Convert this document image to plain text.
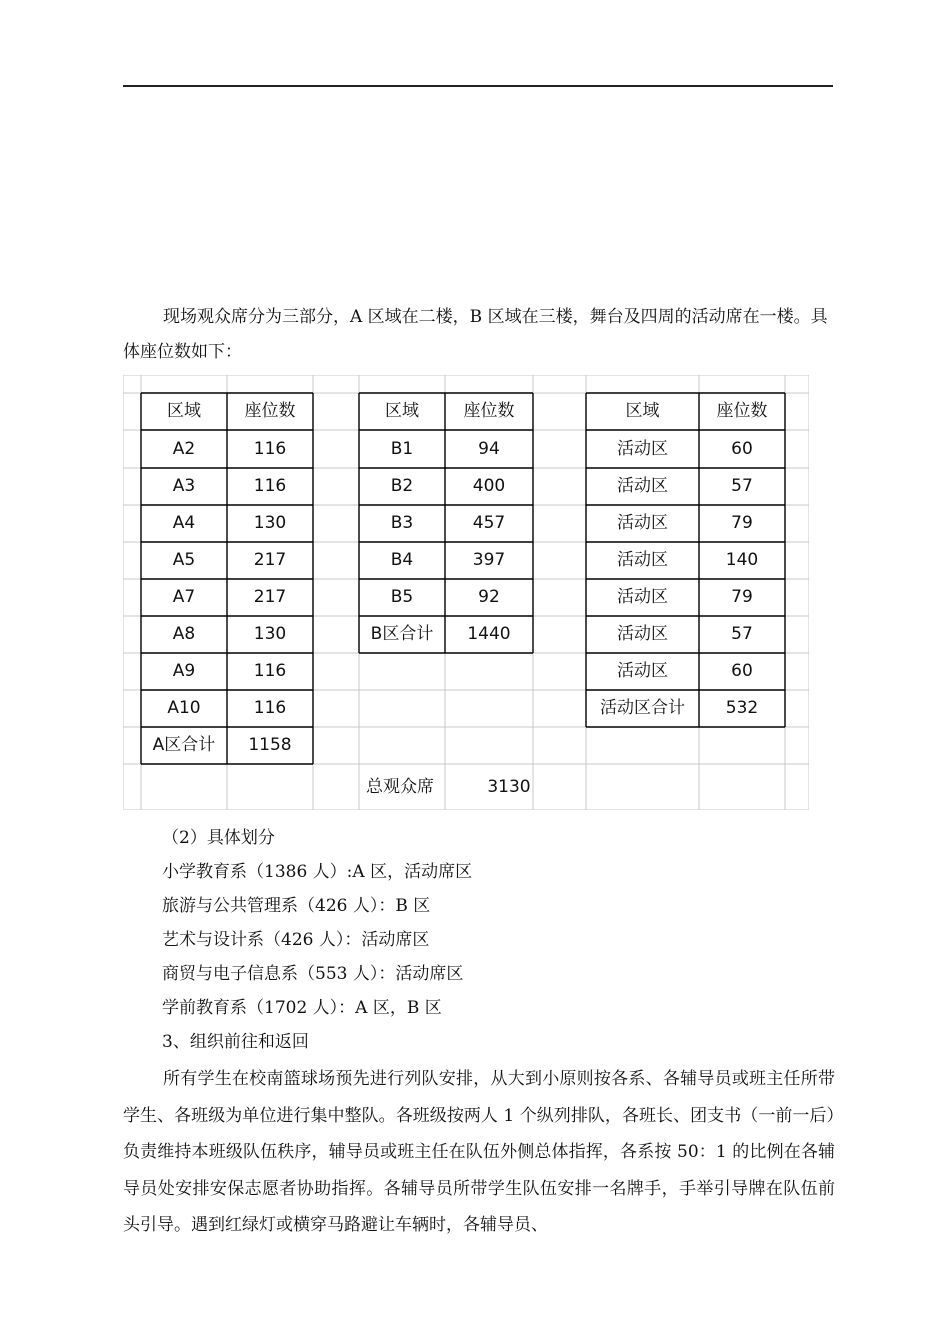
现场观众席分为三部分，A 区域在二楼，B 区域在三楼，舞台及四周的活动席在一楼。具体座位数如下：

区域	座位数
A2	116
A3	116
A4	130
A5	217
A7	217
A8	130
A9	116
A10	116
A区合计	1158
区域	座位数
B1	94
B2	400
B3	457
B4	397
B5	92
B区合计	1440
区域	座位数
活动区	60
活动区	57
活动区	79
活动区	140
活动区	79
活动区	57
活动区	60
活动区合计	532
总观众席	3130
（2）具体划分
小学教育系（1386 人）:A 区，活动席区
旅游与公共管理系（426 人）：B 区
艺术与设计系（426 人）：活动席区
商贸与电子信息系（553 人）：活动席区
学前教育系（1702 人）：A 区，B 区
3、组织前往和返回

所有学生在校南篮球场预先进行列队安排，从大到小原则按各系、各辅导员或班主任所带学生、各班级为单位进行集中整队。各班级按两人 1 个纵列排队，各班长、团支书（一前一后）负责维持本班级队伍秩序，辅导员或班主任在队伍外侧总体指挥，各系按 50：1 的比例在各辅导员处安排安保志愿者协助指挥。各辅导员所带学生队伍安排一名牌手，手举引导牌在队伍前头引导。遇到红绿灯或横穿马路避让车辆时，各辅导员、
